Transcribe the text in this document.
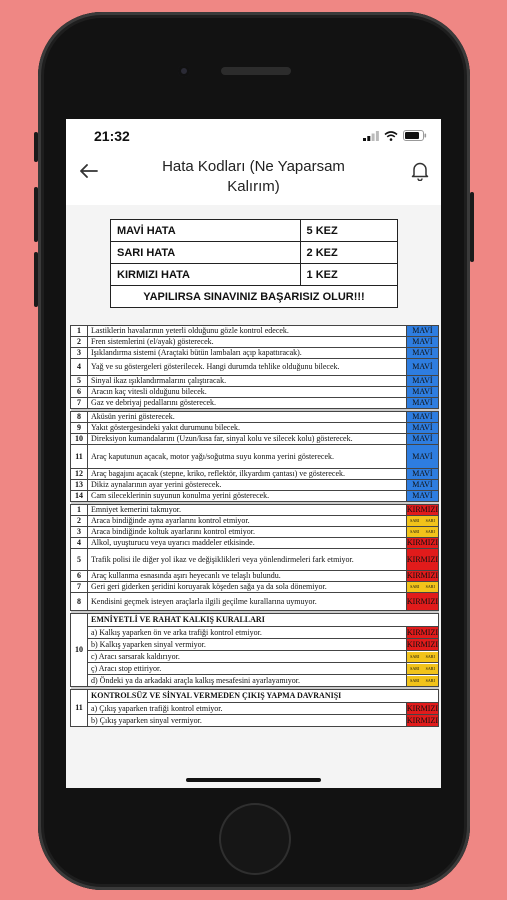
21:32
Hata Kodları (Ne Yaparsam Kalırım)
MAVİ HATA	5 KEZ
SARI HATA	2 KEZ
KIRMIZI HATA	1 KEZ
YAPILIRSA SINAVINIZ BAŞARISIZ OLUR!!!	
1	Lastiklerin havalarının yeterli olduğunu gözle kontrol edecek.	MAVİ
2	Fren sistemlerini (el/ayak) gösterecek.	MAVİ
3	Işıklandırma sistemi (Araçtaki bütün lambaları açıp kapattıracak).	MAVİ
4	Yağ ve su göstergeleri gösterilecek. Hangi durumda tehlike olduğunu bilecek.	MAVİ
5	Sinyal ikaz ışıklandırmalarını çalıştıracak.	MAVİ
6	Aracın kaç vitesli olduğunu bilecek.	MAVİ
7	Gaz ve debriyaj pedallarını gösterecek.	MAVİ

8	Aküsün yerini gösterecek.	MAVİ
9	Yakıt göstergesindeki yakıt durumunu bilecek.	MAVİ
10	Direksiyon kumandalarını (Uzun/kısa far, sinyal kolu ve silecek kolu) gösterecek.	MAVİ
11	Araç kaputunun açacak, motor yağı/soğutma suyu konma yerini gösterecek.	MAVİ
12	Araç bagajını açacak (stepne, kriko, reflektör, ilkyardım çantası) ve gösterecek.	MAVİ
13	Dikiz aynalarının ayar yerini gösterecek.	MAVİ
14	Cam sileceklerinin suyunun konulma yerini gösterecek.	MAVİ

1	Emniyet kemerini takmıyor.	KIRMIZI
2	Araca bindiğinde ayna ayarlarını kontrol etmiyor.	SARI SARI

3	Araca bindiğinde koltuk ayarlarını kontrol etmiyor.	SARI SARI

4	Alkol, uyuşturucu veya uyarıcı maddeler etkisinde.	KIRMIZI
5	Trafik polisi ile diğer yol ikaz ve değişiklikleri veya yönlendirmeleri fark etmiyor.	KIRMIZI
6	Araç kullanma esnasında aşırı heyecanlı ve telaşlı bulundu.	KIRMIZI
7	Geri geri giderken şeridini koruyarak köşeden sağa ya da sola dönemiyor.	SARI SARI

8	Kendisini geçmek isteyen araçlarla ilgili geçilme kurallarına uymuyor.	KIRMIZI

10	EMNİYETLİ VE RAHAT KALKIŞ KURALLARI	
	a) Kalkış yaparken ön ve arka trafiği kontrol etmiyor.	KIRMIZI
	b) Kalkış yaparken sinyal vermiyor.	KIRMIZI
	c) Aracı sarsarak kaldırıyor.	SARI SARI

	ç) Aracı stop ettiriyor.	SARI SARI

	d) Öndeki ya da arkadaki araçla kalkış mesafesini ayarlayamıyor.	SARI SARI

11	KONTROLSÜZ VE SİNYAL VERMEDEN ÇIKIŞ YAPMA DAVRANIŞI	
	a) Çıkış yaparken trafiği kontrol etmiyor.	KIRMIZI
	b) Çıkış yaparken sinyal vermiyor.	KIRMIZI
